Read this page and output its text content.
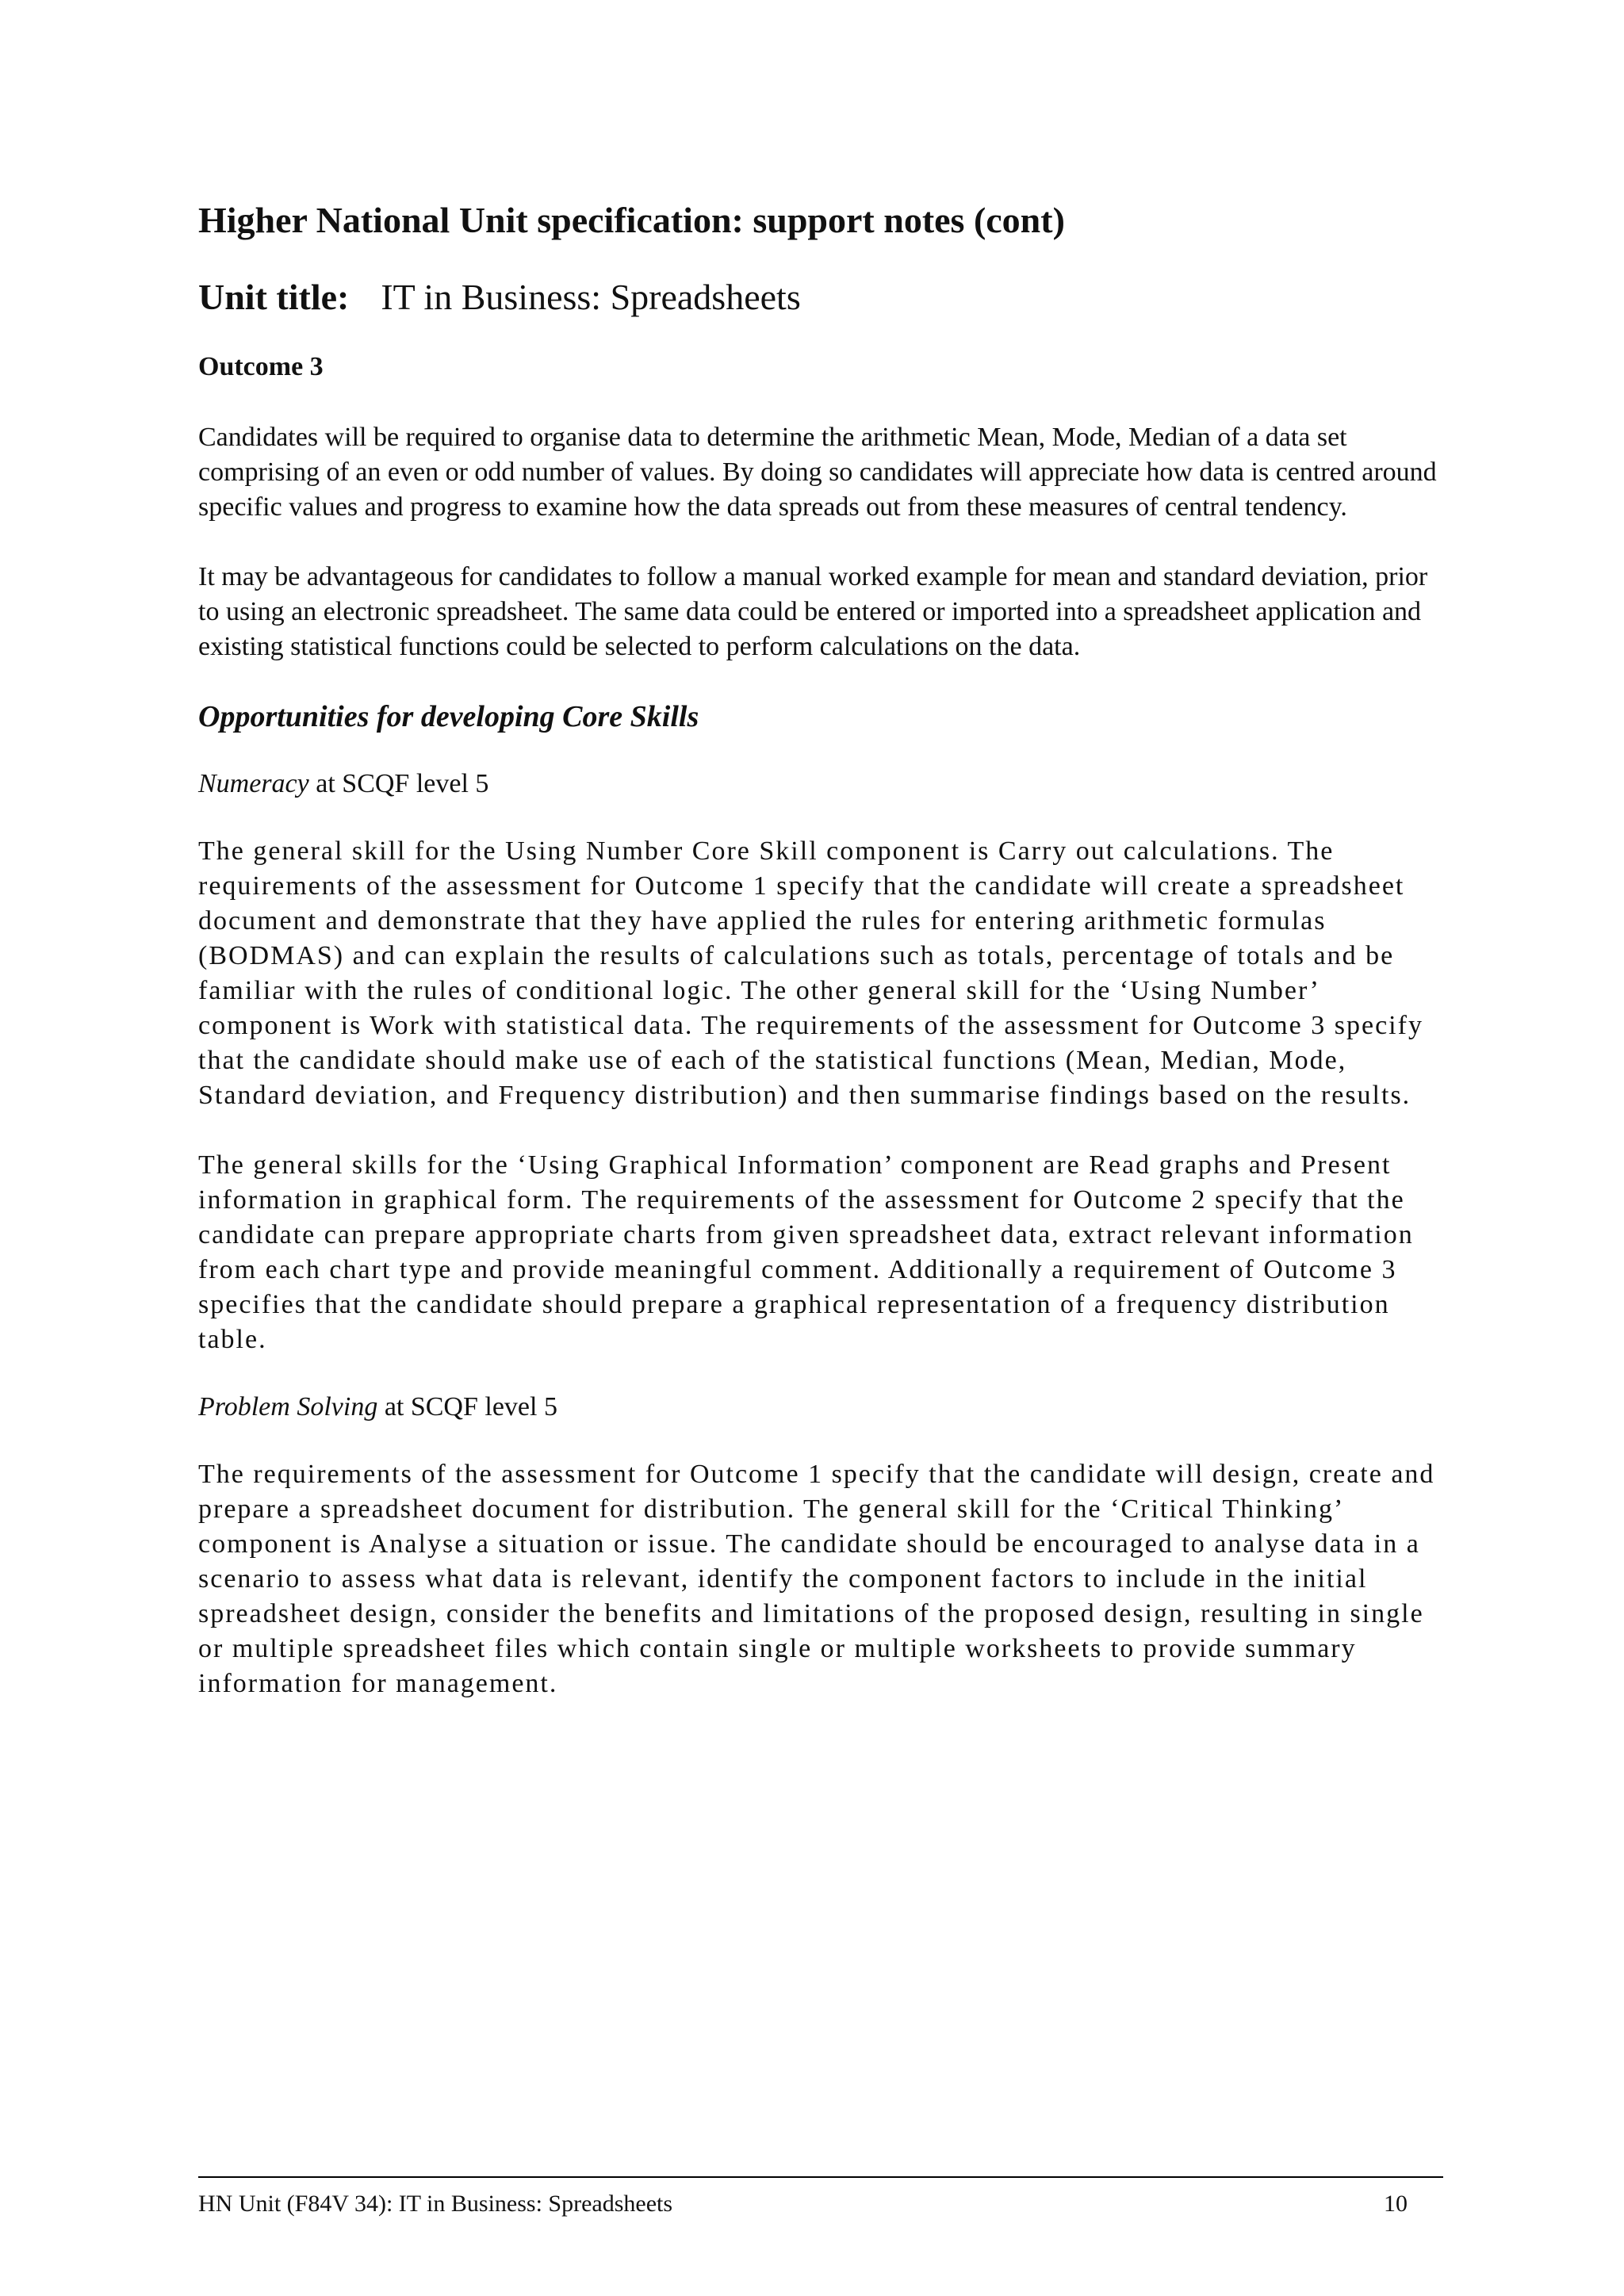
Higher National Unit specification: support notes (cont)
Unit title: IT in Business: Spreadsheets
Outcome 3

Candidates will be required to organise data to determine the arithmetic Mean, Mode, Median of a data set comprising of an even or odd number of values. By doing so candidates will appreciate how data is centred around specific values and progress to examine how the data spreads out from these measures of central tendency.

It may be advantageous for candidates to follow a manual worked example for mean and standard deviation, prior to using an electronic spreadsheet. The same data could be entered or imported into a spreadsheet application and existing statistical functions could be selected to perform calculations on the data.

Opportunities for developing Core Skills
Numeracy at SCQF level 5

The general skill for the Using Number Core Skill component is Carry out calculations. The requirements of the assessment for Outcome 1 specify that the candidate will create a spreadsheet document and demonstrate that they have applied the rules for entering arithmetic formulas (BODMAS) and can explain the results of calculations such as totals, percentage of totals and be familiar with the rules of conditional logic. The other general skill for the ‘Using Number’ component is Work with statistical data. The requirements of the assessment for Outcome 3 specify that the candidate should make use of each of the statistical functions (Mean, Median, Mode, Standard deviation, and Frequency distribution) and then summarise findings based on the results.

The general skills for the ‘Using Graphical Information’ component are Read graphs and Present information in graphical form. The requirements of the assessment for Outcome 2 specify that the candidate can prepare appropriate charts from given spreadsheet data, extract relevant information from each chart type and provide meaningful comment. Additionally a requirement of Outcome 3 specifies that the candidate should prepare a graphical representation of a frequency distribution table.

Problem Solving at SCQF level 5

The requirements of the assessment for Outcome 1 specify that the candidate will design, create and prepare a spreadsheet document for distribution. The general skill for the ‘Critical Thinking’ component is Analyse a situation or issue. The candidate should be encouraged to analyse data in a scenario to assess what data is relevant, identify the component factors to include in the initial spreadsheet design, consider the benefits and limitations of the proposed design, resulting in single or multiple spreadsheet files which contain single or multiple worksheets to provide summary information for management.

HN Unit (F84V 34): IT in Business: Spreadsheets	10
